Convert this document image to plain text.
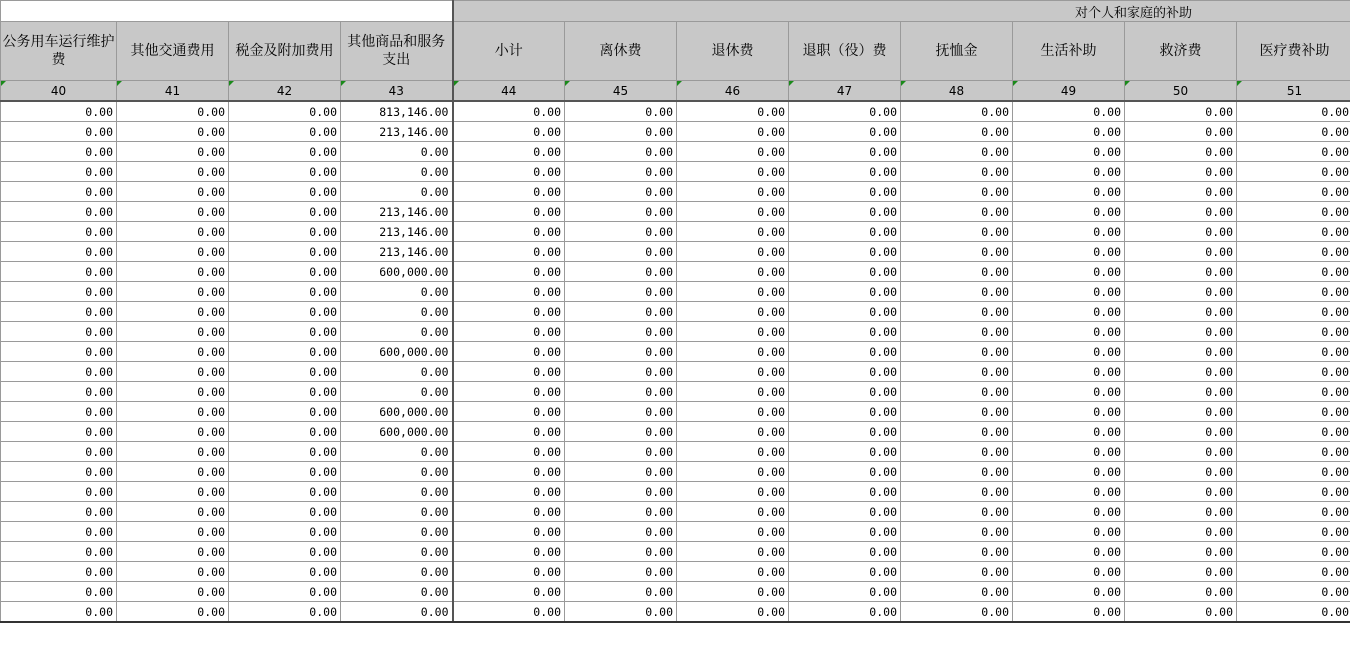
				对个人和家庭的补助							
公务用车运行维护费	其他交通费用	税金及附加费用	其他商品和服务支出	小计	离休费	退休费	退职（役）费	抚恤金	生活补助	救济费	医疗费补助

40	41	42	43	44	45	46	47	48	49	50	51
0.00	0.00	0.00	813,146.00	0.00	0.00	0.00	0.00	0.00	0.00	0.00	0.00
0.00	0.00	0.00	213,146.00	0.00	0.00	0.00	0.00	0.00	0.00	0.00	0.00
0.00	0.00	0.00	0.00	0.00	0.00	0.00	0.00	0.00	0.00	0.00	0.00
0.00	0.00	0.00	0.00	0.00	0.00	0.00	0.00	0.00	0.00	0.00	0.00
0.00	0.00	0.00	0.00	0.00	0.00	0.00	0.00	0.00	0.00	0.00	0.00
0.00	0.00	0.00	213,146.00	0.00	0.00	0.00	0.00	0.00	0.00	0.00	0.00
0.00	0.00	0.00	213,146.00	0.00	0.00	0.00	0.00	0.00	0.00	0.00	0.00
0.00	0.00	0.00	213,146.00	0.00	0.00	0.00	0.00	0.00	0.00	0.00	0.00
0.00	0.00	0.00	600,000.00	0.00	0.00	0.00	0.00	0.00	0.00	0.00	0.00
0.00	0.00	0.00	0.00	0.00	0.00	0.00	0.00	0.00	0.00	0.00	0.00
0.00	0.00	0.00	0.00	0.00	0.00	0.00	0.00	0.00	0.00	0.00	0.00
0.00	0.00	0.00	0.00	0.00	0.00	0.00	0.00	0.00	0.00	0.00	0.00
0.00	0.00	0.00	600,000.00	0.00	0.00	0.00	0.00	0.00	0.00	0.00	0.00
0.00	0.00	0.00	0.00	0.00	0.00	0.00	0.00	0.00	0.00	0.00	0.00
0.00	0.00	0.00	0.00	0.00	0.00	0.00	0.00	0.00	0.00	0.00	0.00
0.00	0.00	0.00	600,000.00	0.00	0.00	0.00	0.00	0.00	0.00	0.00	0.00
0.00	0.00	0.00	600,000.00	0.00	0.00	0.00	0.00	0.00	0.00	0.00	0.00
0.00	0.00	0.00	0.00	0.00	0.00	0.00	0.00	0.00	0.00	0.00	0.00
0.00	0.00	0.00	0.00	0.00	0.00	0.00	0.00	0.00	0.00	0.00	0.00
0.00	0.00	0.00	0.00	0.00	0.00	0.00	0.00	0.00	0.00	0.00	0.00
0.00	0.00	0.00	0.00	0.00	0.00	0.00	0.00	0.00	0.00	0.00	0.00
0.00	0.00	0.00	0.00	0.00	0.00	0.00	0.00	0.00	0.00	0.00	0.00
0.00	0.00	0.00	0.00	0.00	0.00	0.00	0.00	0.00	0.00	0.00	0.00
0.00	0.00	0.00	0.00	0.00	0.00	0.00	0.00	0.00	0.00	0.00	0.00
0.00	0.00	0.00	0.00	0.00	0.00	0.00	0.00	0.00	0.00	0.00	0.00
0.00	0.00	0.00	0.00	0.00	0.00	0.00	0.00	0.00	0.00	0.00	0.00
